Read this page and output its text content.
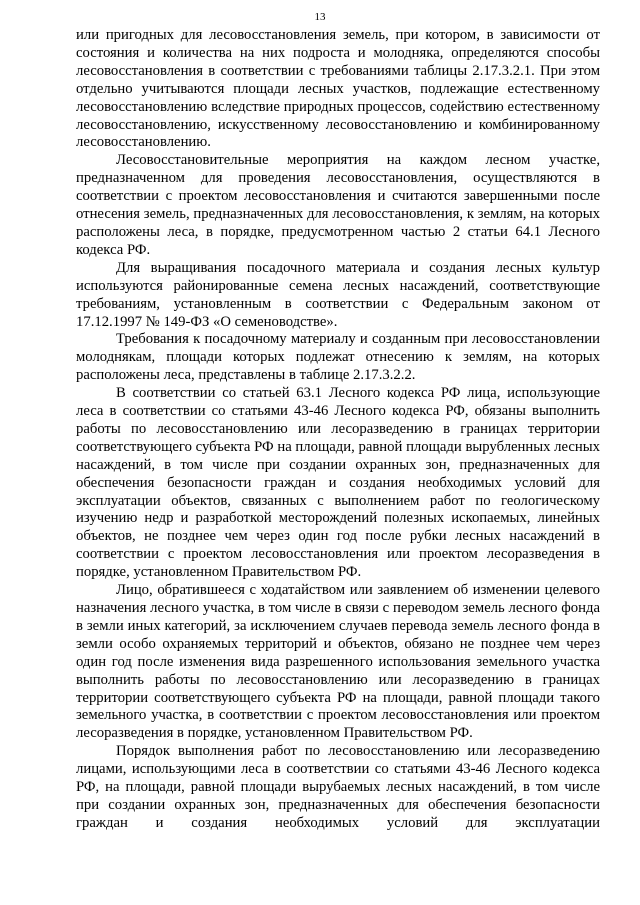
13

или пригодных для лесовосстановления земель, при котором, в зависимости от состояния и количества на них подроста и молодняка, определяются способы лесовосстановления в соответствии с требованиями таблицы 2.17.3.2.1. При этом отдельно учитываются площади лесных участков, подлежащие естественному лесовосстановлению вследствие природных процессов, содействию естественному лесовосстановлению, искусственному лесовосстановлению и комбинированному лесовосстановлению.

Лесовосстановительные мероприятия на каждом лесном участке, предназначенном для проведения лесовосстановления, осуществляются в соответствии с проектом лесовосстановления и считаются завершенными после отнесения земель, предназначенных для лесовосстановления, к землям, на которых расположены леса, в порядке, предусмотренном частью 2 статьи 64.1 Лесного кодекса РФ.

Для выращивания посадочного материала и создания лесных культур используются районированные семена лесных насаждений, соответствующие требованиям, установленным в соответствии с Федеральным законом от 17.12.1997 № 149-ФЗ «О семеноводстве».

Требования к посадочному материалу и созданным при лесовосстановлении молоднякам, площади которых подлежат отнесению к землям, на которых расположены леса, представлены в таблице 2.17.3.2.2.

В соответствии со статьей 63.1 Лесного кодекса РФ лица, использующие леса в соответствии со статьями 43-46 Лесного кодекса РФ, обязаны выполнить работы по лесовосстановлению или лесоразведению в границах территории соответствующего субъекта РФ на площади, равной площади вырубленных лесных насаждений, в том числе при создании охранных зон, предназначенных для обеспечения безопасности граждан и создания необходимых условий для эксплуатации объектов, связанных с выполнением работ по геологическому изучению недр и разработкой месторождений полезных ископаемых, линейных объектов, не позднее чем через один год после рубки лесных насаждений в соответствии с проектом лесовосстановления или проектом лесоразведения в порядке, установленном Правительством РФ.

Лицо, обратившееся с ходатайством или заявлением об изменении целевого назначения лесного участка, в том числе в связи с переводом земель лесного фонда в земли иных категорий, за исключением случаев перевода земель лесного фонда в земли особо охраняемых территорий и объектов, обязано не позднее чем через один год после изменения вида разрешенного использования земельного участка выполнить работы по лесовосстановлению или лесоразведению в границах территории соответствующего субъекта РФ на площади, равной площади такого земельного участка, в соответствии с проектом лесовосстановления или проектом лесоразведения в порядке, установленном Правительством РФ.

Порядок выполнения работ по лесовосстановлению или лесоразведению лицами, использующими леса в соответствии со статьями 43-46 Лесного кодекса РФ, на площади, равной площади вырубаемых лесных насаждений, в том числе при создании охранных зон, предназначенных для обеспечения безопасности граждан и создания необходимых условий для эксплуатации
